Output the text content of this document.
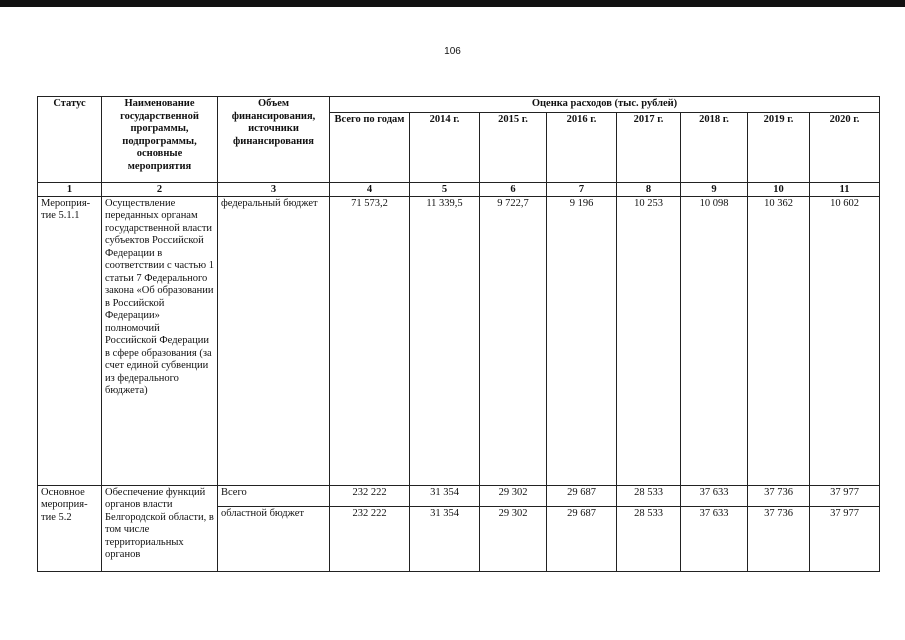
106
Статус	Наименование государственной программы, подпрограммы, основные мероприятия	Объем финансирования, источники финансирования	Оценка расходов (тыс. рублей)							
			Всего по годам	2014 г.	2015 г.	2016 г.	2017 г.	2018 г.	2019 г.	2020 г.
1	2	3	4	5	6	7	8	9	10	11
Мероприя-тие 5.1.1	Осуществление переданных органам государственной власти субъектов Российской Федерации в соответствии с частью 1 статьи 7 Федерального закона «Об образовании в Российской Федерации» полномочий Российской Федерации в сфере образования (за счет единой субвенции из федерального бюджета)	федеральный бюджет	71 573,2	11 339,5	9 722,7	9 196	10 253	10 098	10 362	10 602
Основное мероприя-тие 5.2	Обеспечение функций органов власти Белгородской области, в том числе территориальных органов	Всего	232 222	31 354	29 302	29 687	28 533	37 633	37 736	37 977
		областной бюджет	232 222	31 354	29 302	29 687	28 533	37 633	37 736	37 977
